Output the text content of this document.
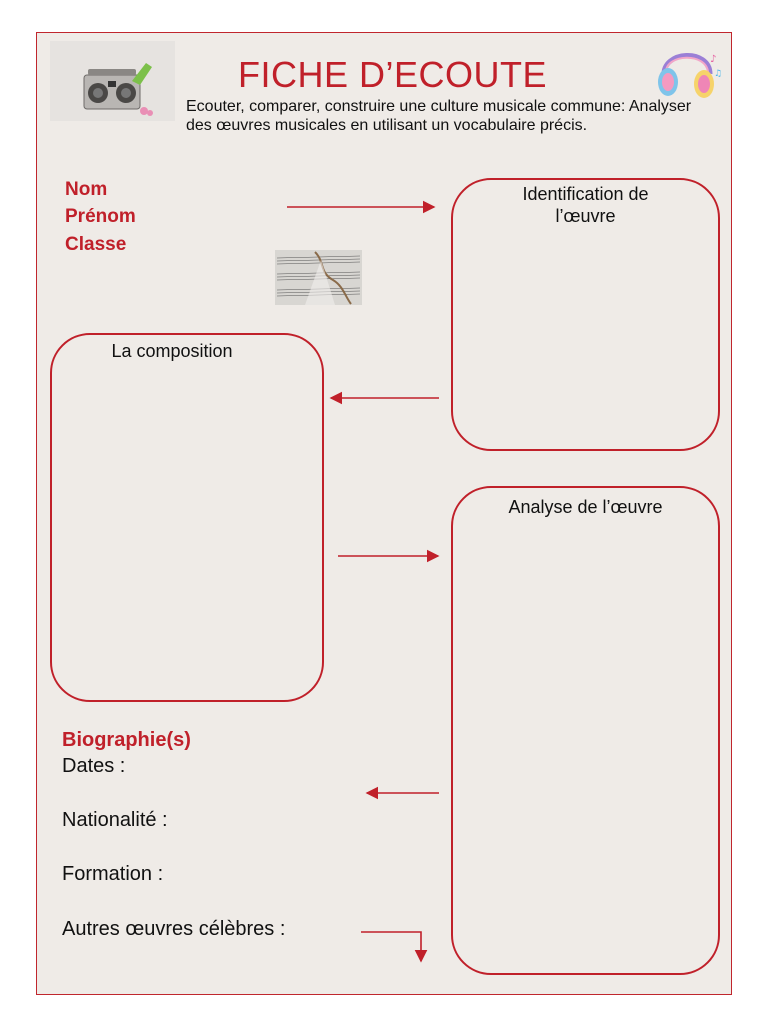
♪
♫
FICHE D’ECOUTE
Ecouter, comparer, construire une culture musicale commune: Analyser des œuvres musicales en utilisant un vocabulaire précis.
Nom
Prénom
Classe
Identification de
l’œuvre
La composition
Analyse de l’œuvre
Biographie(s)
Dates :
Nationalité :
Formation :
Autres œuvres célèbres :
